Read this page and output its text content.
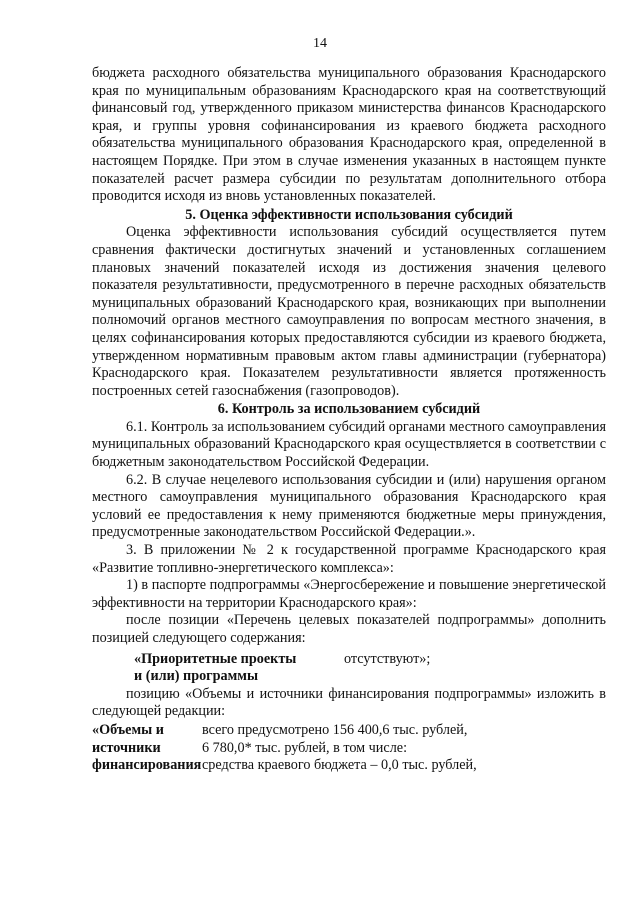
14

бюджета расходного обязательства муниципального образования Краснодарского края по муниципальным образованиям Краснодарского края на соответствующий финансовый год, утвержденного приказом министерства финансов Краснодарского края, и группы уровня софинансирования из краевого бюджета расходного обязательства муниципального образования Краснодарского края, определенной в настоящем Порядке. При этом в случае изменения указанных в настоящем пункте показателей расчет размера субсидии по результатам дополнительного отбора проводится исходя из вновь установленных показателей.

5. Оценка эффективности использования субсидий

Оценка эффективности использования субсидий осуществляется путем сравнения фактически достигнутых значений и установленных соглашением плановых значений показателей исходя из достижения значения целевого показателя результативности, предусмотренного в перечне расходных обязательств муниципальных образований Краснодарского края, возникающих при выполнении полномочий органов местного самоуправления по вопросам местного значения, в целях софинансирования которых предоставляются субсидии из краевого бюджета, утвержденном нормативным правовым актом главы администрации (губернатора) Краснодарского края. Показателем результативности является протяженность построенных сетей газоснабжения (газопроводов).

6. Контроль за использованием субсидий

6.1. Контроль за использованием субсидий органами местного самоуправления муниципальных образований Краснодарского края осуществляется в соответствии с бюджетным законодательством Российской Федерации.

6.2. В случае нецелевого использования субсидии и (или) нарушения органом местного самоуправления муниципального образования Краснодарского края условий ее предоставления к нему применяются бюджетные меры принуждения, предусмотренные законодательством Российской Федерации.».

3. В приложении № 2 к государственной программе Краснодарского края «Развитие топливно-энергетического комплекса»:

1) в паспорте подпрограммы «Энергосбережение и повышение энергетической эффективности на территории Краснодарского края»:

после позиции «Перечень целевых показателей подпрограммы» дополнить позицией следующего содержания:

«Приоритетные проекты	отсутствуют»;
и (или) программы

позицию «Объемы и источники финансирования подпрограммы» изложить в следующей редакции:

«Объемы и	всего предусмотрено 156 400,6 тыс. рублей,
источники	6 780,0* тыс. рублей, в том числе:
финансирования средства краевого бюджета – 0,0 тыс. рублей,
